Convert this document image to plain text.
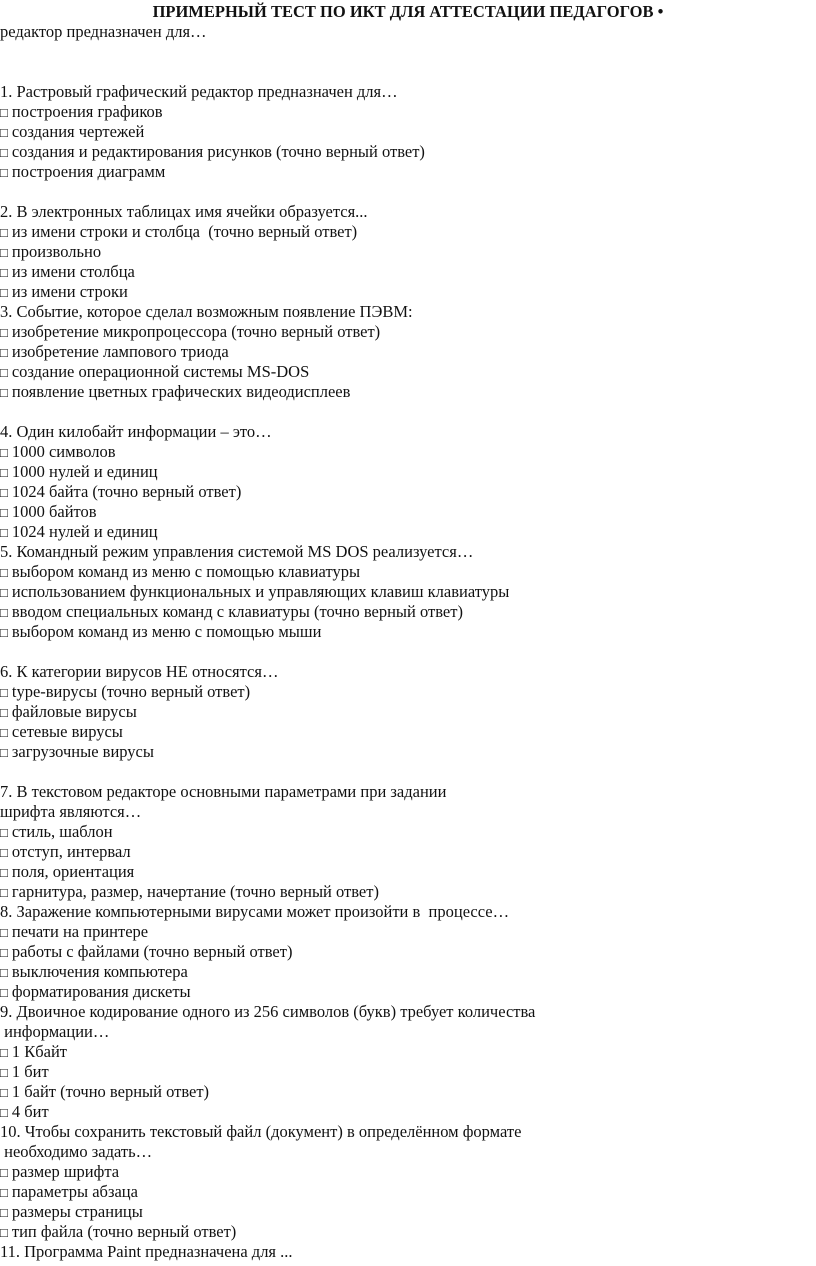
ПРИМЕРНЫЙ ТЕСТ ПО ИКТ ДЛЯ АТТЕСТАЦИИ ПЕДАГОГОВ •
редактор предназначен для…
1. Растровый графический редактор предназначен для…
□ построения графиков
□ создания чертежей
□ создания и редактирования рисунков (точно верный ответ)
□ построения диаграмм
2. В электронных таблицах имя ячейки образуется...
□ из имени строки и столбца  (точно верный ответ)
□ произвольно
□ из имени столбца
□ из имени строки
3. Событие, которое сделал возможным появление ПЭВМ:
□ изобретение микропроцессора (точно верный ответ)
□ изобретение лампового триода
□ создание операционной системы MS-DOS
□ появление цветных графических видеодисплеев
4. Один килобайт информации – это…
□ 1000 символов
□ 1000 нулей и единиц
□ 1024 байта (точно верный ответ)
□ 1000 байтов
□ 1024 нулей и единиц
5. Командный режим управления системой MS DOS реализуется…
□ выбором команд из меню с помощью клавиатуры
□ использованием функциональных и управляющих клавиш клавиатуры
□ вводом специальных команд с клавиатуры (точно верный ответ)
□ выбором команд из меню с помощью мыши
6. К категории вирусов НЕ относятся…
□ type-вирусы (точно верный ответ)
□ файловые вирусы
□ сетевые вирусы
□ загрузочные вирусы
7. В текстовом редакторе основными параметрами при задании
шрифта являются…
□ стиль, шаблон
□ отступ, интервал
□ поля, ориентация
□ гарнитура, размер, начертание (точно верный ответ)
8. Заражение компьютерными вирусами может произойти в  процессе…
□ печати на принтере
□ работы с файлами (точно верный ответ)
□ выключения компьютера
□ форматирования дискеты
9. Двоичное кодирование одного из 256 символов (букв) требует количества
информации…
□ 1 Кбайт
□ 1 бит
□ 1 байт (точно верный ответ)
□ 4 бит
10. Чтобы сохранить текстовый файл (документ) в определённом формате
необходимо задать…
□ размер шрифта
□ параметры абзаца
□ размеры страницы
□ тип файла (точно верный ответ)
11. Программа Paint предназначена для ...
